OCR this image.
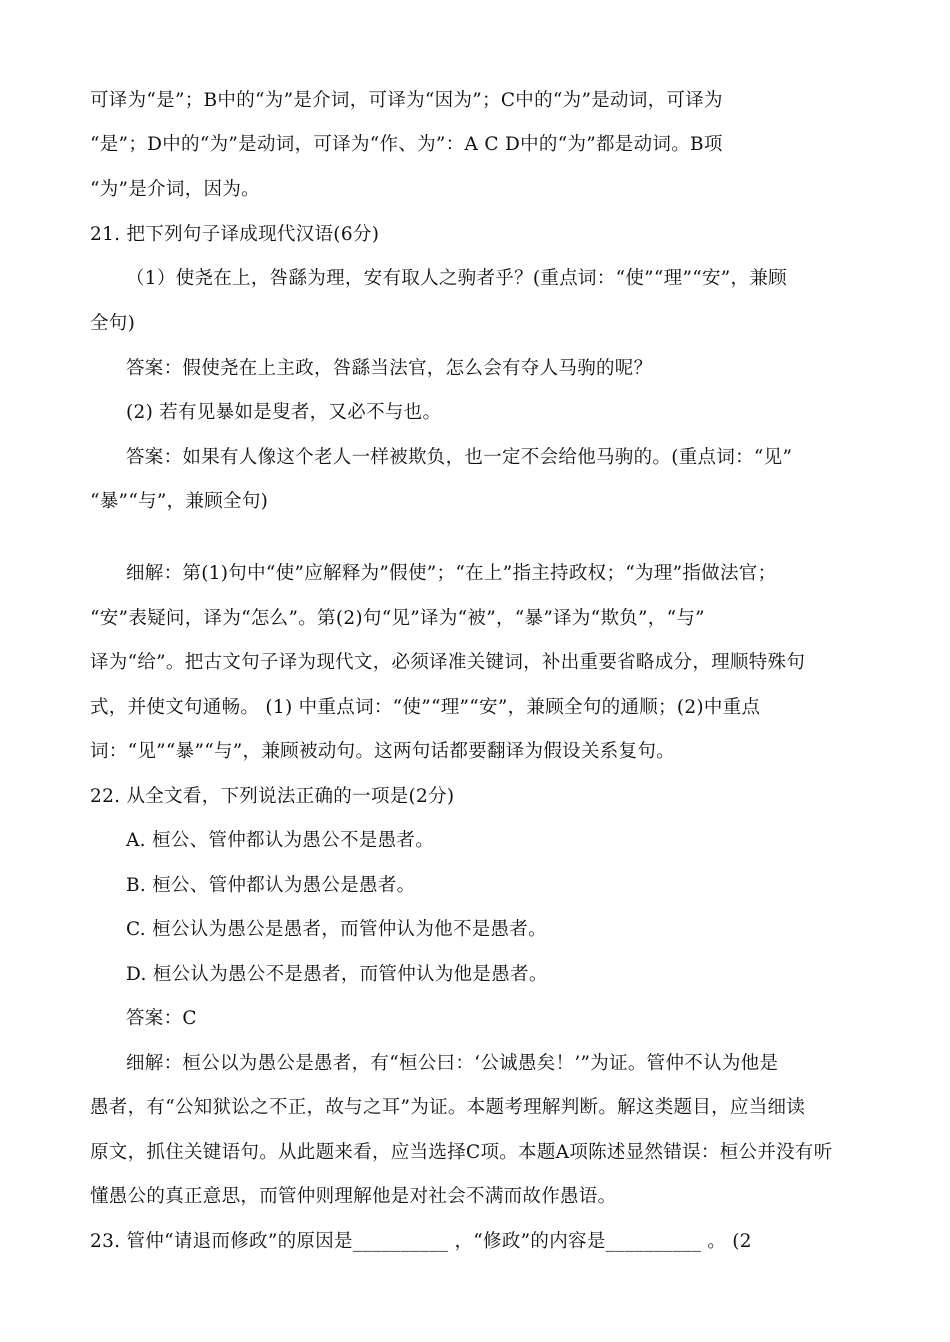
可译为“是”；B中的“为”是介词，可译为“因为”；C中的“为”是动词，可译为
“是”；D中的“为”是动词，可译为“作、为”：A C D中的“为”都是动词。B项
“为”是介词，因为。
21. 把下列句子译成现代汉语(6分)
（1）使尧在上，咎繇为理，安有取人之驹者乎？(重点词：“使”“理”“安”，兼顾
全句)
答案：假使尧在上主政，咎繇当法官，怎么会有夺人马驹的呢？
(2) 若有见暴如是叟者，又必不与也。
答案：如果有人像这个老人一样被欺负，也一定不会给他马驹的。(重点词：“见”
“暴”“与”，兼顾全句)
细解：第(1)句中“使”应解释为”假使”；“在上”指主持政权；“为理”指做法官；
“安”表疑问，译为“怎么”。第(2)句“见”译为“被”，“暴”译为“欺负”，“与”
译为“给”。把古文句子译为现代文，必须译准关键词，补出重要省略成分，理顺特殊句
式，并使文句通畅。 (1) 中重点词：“使”“理”“安”，兼顾全句的通顺；(2)中重点
词：“见”“暴”“与”，兼顾被动句。这两句话都要翻译为假设关系复句。
22. 从全文看，下列说法正确的一项是(2分)
A. 桓公、管仲都认为愚公不是愚者。
B. 桓公、管仲都认为愚公是愚者。
C. 桓公认为愚公是愚者，而管仲认为他不是愚者。
D. 桓公认为愚公不是愚者，而管仲认为他是愚者。
答案：C
细解：桓公以为愚公是愚者，有“桓公曰：‘公诚愚矣！’”为证。管仲不认为他是
愚者，有“公知狱讼之不正，故与之耳”为证。本题考理解判断。解这类题目，应当细读
原文，抓住关键语句。从此题来看，应当选择C项。本题A项陈述显然错误：桓公并没有听
懂愚公的真正意思，而管仲则理解他是对社会不满而故作愚语。
23. 管仲“请退而修政”的原因是__________ ，“修政”的内容是__________ 。 (2
